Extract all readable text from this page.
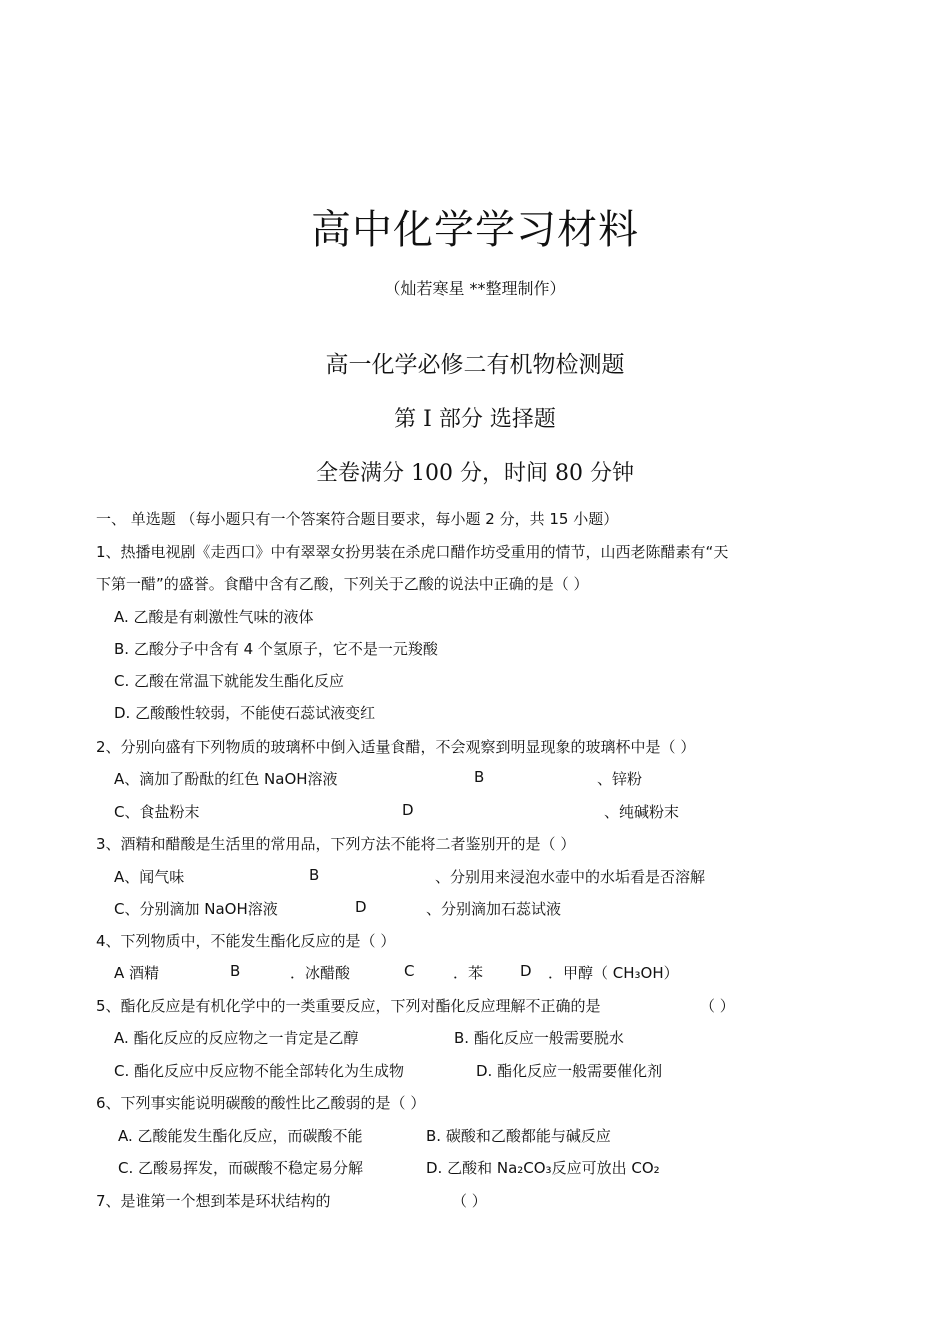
高中化学学习材料
（灿若寒星 **整理制作）
高一化学必修二有机物检测题
第 I 部分 选择题
全卷满分 100 分，时间 80 分钟
一、 单选题 （每小题只有一个答案符合题目要求，每小题 2 分，共 15 小题）
1、热播电视剧《走西口》中有翠翠女扮男装在杀虎口醋作坊受重用的情节，山西老陈醋素有“天
下第一醋”的盛誉。食醋中含有乙酸，下列关于乙酸的说法中正确的是（ ）
A. 乙酸是有刺激性气味的液体
B. 乙酸分子中含有 4 个氢原子，它不是一元羧酸
C. 乙酸在常温下就能发生酯化反应
D. 乙酸酸性较弱，不能使石蕊试液变红
2、分别向盛有下列物质的玻璃杯中倒入适量食醋，不会观察到明显现象的玻璃杯中是（ ）
A、滴加了酚酞的红色 NaOH溶液	B	、锌粉
C、食盐粉末	D	、纯碱粉末
3、酒精和醋酸是生活里的常用品，下列方法不能将二者鉴别开的是（ ）
A、闻气味	B	、分别用来浸泡水壶中的水垢看是否溶解
C、分别滴加 NaOH溶液	D	、分别滴加石蕊试液
4、下列物质中，不能发生酯化反应的是（ ）
A 酒精	B	．冰醋酸	C	．苯 D ．甲醇（ CH₃OH）
5、酯化反应是有机化学中的一类重要反应，下列对酯化反应理解不正确的是	（ ）
A. 酯化反应的反应物之一肯定是乙醇	B. 酯化反应一般需要脱水
C. 酯化反应中反应物不能全部转化为生成物	D. 酯化反应一般需要催化剂
6、下列事实能说明碳酸的酸性比乙酸弱的是（ ）
A. 乙酸能发生酯化反应，而碳酸不能	B. 碳酸和乙酸都能与碱反应
C. 乙酸易挥发，而碳酸不稳定易分解	D. 乙酸和 Na₂CO₃反应可放出 CO₂
7、是谁第一个想到苯是环状结构的	（ ）
